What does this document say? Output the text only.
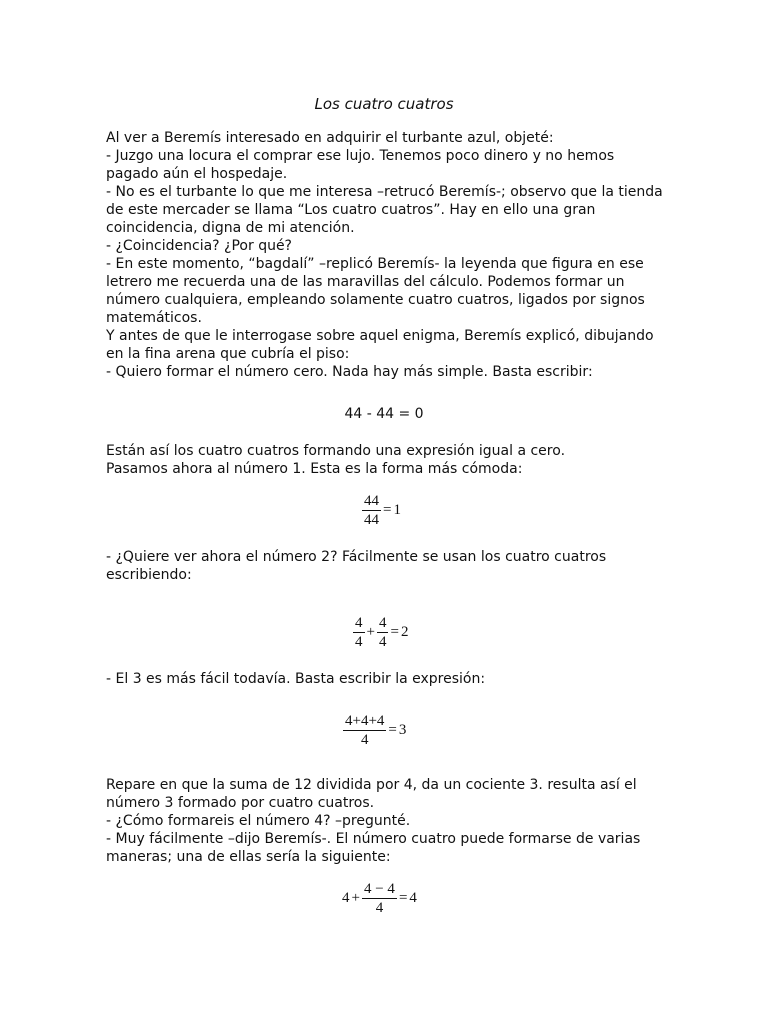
Los cuatro cuatros

Al ver a Beremís interesado en adquirir el turbante azul, objeté:

- Juzgo una locura el comprar ese lujo. Tenemos poco dinero y no hemos pagado aún el hospedaje.

- No es el turbante lo que me interesa –retrucó Beremís-; observo que la tienda de este mercader se llama “Los cuatro cuatros”. Hay en ello una gran coincidencia, digna de mi atención.

- ¿Coincidencia? ¿Por qué?

- En este momento, “bagdalí” –replicó Beremís- la leyenda que figura en ese letrero me recuerda una de las maravillas del cálculo. Podemos formar un número cualquiera, empleando solamente cuatro cuatros, ligados por signos matemáticos.

Y antes de que le interrogase sobre aquel enigma, Beremís explicó, dibujando en la fina arena que cubría el piso:

- Quiero formar el número cero. Nada hay más simple. Basta escribir:

44 - 44 = 0

Están así los cuatro cuatros formando una expresión igual a cero.

Pasamos ahora al número 1. Esta es la forma más cómoda:

$\frac{44}{44} = 1$

- ¿Quiere ver ahora el número 2? Fácilmente se usan los cuatro cuatros escribiendo:

$\frac{4}{4} + \frac{4}{4} = 2$

- El 3 es más fácil todavía. Basta escribir la expresión:

$\frac{4+4+4}{4} = 3$

Repare en que la suma de 12 dividida por 4, da un cociente 3. resulta así el número 3 formado por cuatro cuatros.

- ¿Cómo formareis el número 4? –pregunté.

- Muy fácilmente –dijo Beremís-. El número cuatro puede formarse de varias maneras; una de ellas sería la siguiente:

$4 + \frac{4 - 4}{4} = 4$
